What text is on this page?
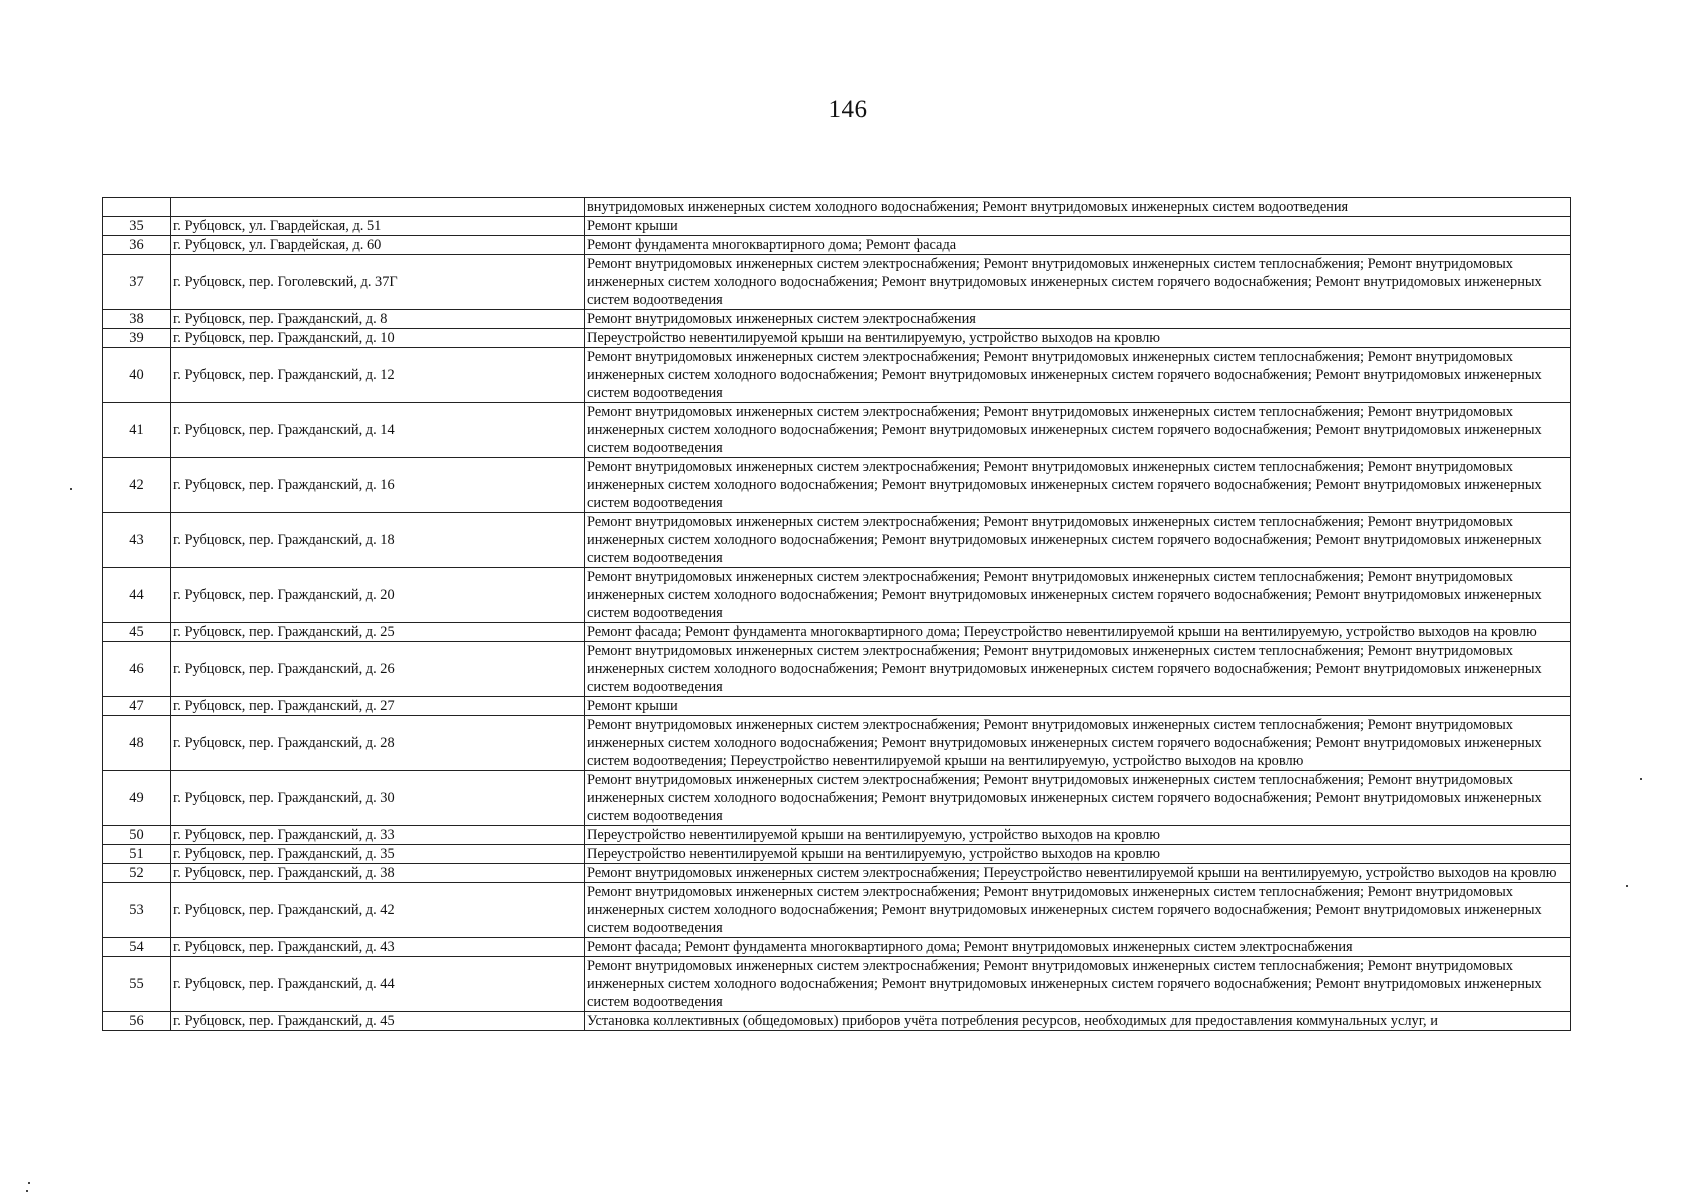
146
		внутридомовых инженерных систем холодного водоснабжения; Ремонт внутридомовых инженерных систем водоотведения
35	г. Рубцовск, ул. Гвардейская, д. 51	Ремонт крыши
36	г. Рубцовск, ул. Гвардейская, д. 60	Ремонт фундамента многоквартирного дома; Ремонт фасада
37	г. Рубцовск, пер. Гоголевский, д. 37Г	Ремонт внутридомовых инженерных систем электроснабжения; Ремонт внутридомовых инженерных систем теплоснабжения; Ремонт внутридомовых инженерных систем холодного водоснабжения; Ремонт внутридомовых инженерных систем горячего водоснабжения; Ремонт внутридомовых инженерных систем водоотведения
38	г. Рубцовск, пер. Гражданский, д. 8	Ремонт внутридомовых инженерных систем электроснабжения
39	г. Рубцовск, пер. Гражданский, д. 10	Переустройство невентилируемой крыши на вентилируемую, устройство выходов на кровлю
40	г. Рубцовск, пер. Гражданский, д. 12	Ремонт внутридомовых инженерных систем электроснабжения; Ремонт внутридомовых инженерных систем теплоснабжения; Ремонт внутридомовых инженерных систем холодного водоснабжения; Ремонт внутридомовых инженерных систем горячего водоснабжения; Ремонт внутридомовых инженерных систем водоотведения
41	г. Рубцовск, пер. Гражданский, д. 14	Ремонт внутридомовых инженерных систем электроснабжения; Ремонт внутридомовых инженерных систем теплоснабжения; Ремонт внутридомовых инженерных систем холодного водоснабжения; Ремонт внутридомовых инженерных систем горячего водоснабжения; Ремонт внутридомовых инженерных систем водоотведения
42	г. Рубцовск, пер. Гражданский, д. 16	Ремонт внутридомовых инженерных систем электроснабжения; Ремонт внутридомовых инженерных систем теплоснабжения; Ремонт внутридомовых инженерных систем холодного водоснабжения; Ремонт внутридомовых инженерных систем горячего водоснабжения; Ремонт внутридомовых инженерных систем водоотведения
43	г. Рубцовск, пер. Гражданский, д. 18	Ремонт внутридомовых инженерных систем электроснабжения; Ремонт внутридомовых инженерных систем теплоснабжения; Ремонт внутридомовых инженерных систем холодного водоснабжения; Ремонт внутридомовых инженерных систем горячего водоснабжения; Ремонт внутридомовых инженерных систем водоотведения
44	г. Рубцовск, пер. Гражданский, д. 20	Ремонт внутридомовых инженерных систем электроснабжения; Ремонт внутридомовых инженерных систем теплоснабжения; Ремонт внутридомовых инженерных систем холодного водоснабжения; Ремонт внутридомовых инженерных систем горячего водоснабжения; Ремонт внутридомовых инженерных систем водоотведения
45	г. Рубцовск, пер. Гражданский, д. 25	Ремонт фасада; Ремонт фундамента многоквартирного дома; Переустройство невентилируемой крыши на вентилируемую, устройство выходов на кровлю
46	г. Рубцовск, пер. Гражданский, д. 26	Ремонт внутридомовых инженерных систем электроснабжения; Ремонт внутридомовых инженерных систем теплоснабжения; Ремонт внутридомовых инженерных систем холодного водоснабжения; Ремонт внутридомовых инженерных систем горячего водоснабжения; Ремонт внутридомовых инженерных систем водоотведения
47	г. Рубцовск, пер. Гражданский, д. 27	Ремонт крыши
48	г. Рубцовск, пер. Гражданский, д. 28	Ремонт внутридомовых инженерных систем электроснабжения; Ремонт внутридомовых инженерных систем теплоснабжения; Ремонт внутридомовых инженерных систем холодного водоснабжения; Ремонт внутридомовых инженерных систем горячего водоснабжения; Ремонт внутридомовых инженерных систем водоотведения; Переустройство невентилируемой крыши на вентилируемую, устройство выходов на кровлю
49	г. Рубцовск, пер. Гражданский, д. 30	Ремонт внутридомовых инженерных систем электроснабжения; Ремонт внутридомовых инженерных систем теплоснабжения; Ремонт внутридомовых инженерных систем холодного водоснабжения; Ремонт внутридомовых инженерных систем горячего водоснабжения; Ремонт внутридомовых инженерных систем водоотведения
50	г. Рубцовск, пер. Гражданский, д. 33	Переустройство невентилируемой крыши на вентилируемую, устройство выходов на кровлю
51	г. Рубцовск, пер. Гражданский, д. 35	Переустройство невентилируемой крыши на вентилируемую, устройство выходов на кровлю
52	г. Рубцовск, пер. Гражданский, д. 38	Ремонт внутридомовых инженерных систем электроснабжения; Переустройство невентилируемой крыши на вентилируемую, устройство выходов на кровлю
53	г. Рубцовск, пер. Гражданский, д. 42	Ремонт внутридомовых инженерных систем электроснабжения; Ремонт внутридомовых инженерных систем теплоснабжения; Ремонт внутридомовых инженерных систем холодного водоснабжения; Ремонт внутридомовых инженерных систем горячего водоснабжения; Ремонт внутридомовых инженерных систем водоотведения
54	г. Рубцовск, пер. Гражданский, д. 43	Ремонт фасада; Ремонт фундамента многоквартирного дома; Ремонт внутридомовых инженерных систем электроснабжения
55	г. Рубцовск, пер. Гражданский, д. 44	Ремонт внутридомовых инженерных систем электроснабжения; Ремонт внутридомовых инженерных систем теплоснабжения; Ремонт внутридомовых инженерных систем холодного водоснабжения; Ремонт внутридомовых инженерных систем горячего водоснабжения; Ремонт внутридомовых инженерных систем водоотведения
56	г. Рубцовск, пер. Гражданский, д. 45	Установка коллективных (общедомовых) приборов учёта потребления ресурсов, необходимых для предоставления коммунальных услуг, и
